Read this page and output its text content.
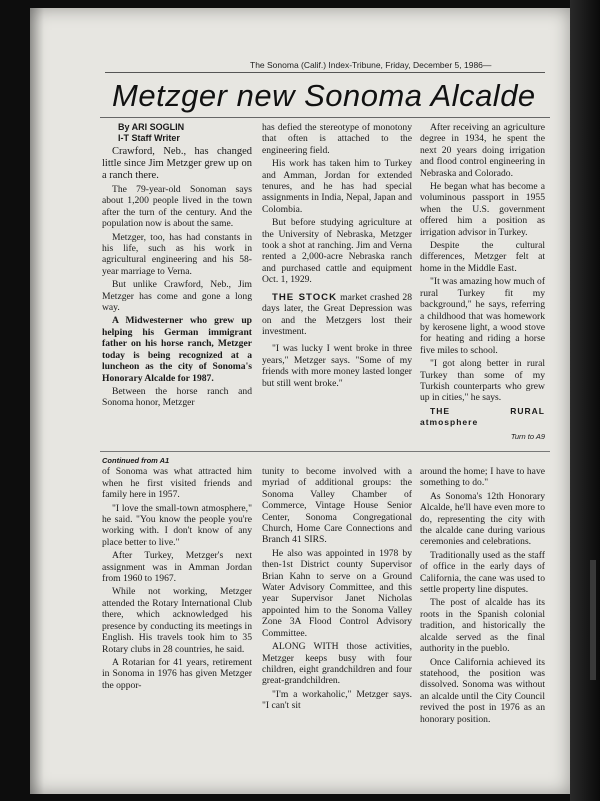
The Sonoma (Calif.) Index-Tribune, Friday, December 5, 1986—
Metzger new Sonoma Alcalde
By ARI SOGLIN
I-T Staff Writer

Crawford, Neb., has changed little since Jim Metzger grew up on a ranch there.

The 79-year-old Sonoman says about 1,200 people lived in the town after the turn of the century. And the population now is about the same.

Metzger, too, has had constants in his life, such as his work in agricultural engineering and his 58-year marriage to Verna.

But unlike Crawford, Neb., Jim Metzger has come and gone a long way.

A Midwesterner who grew up helping his German immigrant father on his horse ranch, Metzger today is being recognized at a luncheon as the city of Sonoma's Honorary Alcalde for 1987.

Between the horse ranch and Sonoma honor, Metzger

has defied the stereotype of monotony that often is attached to the engineering field.

His work has taken him to Turkey and Amman, Jordan for extended tenures, and he has had special assignments in India, Nepal, Japan and Colombia.

But before studying agriculture at the University of Nebraska, Metzger took a shot at ranching. Jim and Verna rented a 2,000-acre Nebraska ranch and purchased cattle and equipment Oct. 1, 1929.

THE STOCK market crashed 28 days later, the Great Depression was on and the Metzgers lost their investment.

"I was lucky I went broke in three years," Metzger says. "Some of my friends with more money lasted longer but still went broke."

After receiving an agriculture degree in 1934, he spent the next 20 years doing irrigation and flood control engineering in Nebraska and Colorado.

He began what has become a voluminous passport in 1955 when the U.S. government offered him a position as irrigation advisor in Turkey.

Despite the cultural differences, Metzger felt at home in the Middle East.

"It was amazing how much of rural Turkey fit my background," he says, referring a childhood that was homework by kerosene light, a wood stove for heating and riding a horse five miles to school.

"I got along better in rural Turkey than some of my Turkish counterparts who grew up in cities," he says.

THE RURAL atmosphere

Turn to A9
Continued from A1

of Sonoma was what attracted him when he first visited friends and family here in 1957.

"I love the small-town atmosphere," he said. "You know the people you're working with. I don't know of any place better to live."

After Turkey, Metzger's next assignment was in Amman Jordan from 1960 to 1967.

While not working, Metzger attended the Rotary International Club there, which acknowledged his presence by conducting its meetings in English. His travels took him to 35 Rotary clubs in 28 countries, he said.

A Rotarian for 41 years, retirement in Sonoma in 1976 has given Metzger the oppor-

tunity to become involved with a myriad of additional groups: the Sonoma Valley Chamber of Commerce, Vintage House Senior Center, Sonoma Congregational Church, Home Care Connections and Branch 41 SIRS.

He also was appointed in 1978 by then-1st District county Supervisor Brian Kahn to serve on a Ground Water Advisory Committee, and this year Supervisor Janet Nicholas appointed him to the Sonoma Valley Zone 3A Flood Control Advisory Committee.

ALONG WITH those activities, Metzger keeps busy with four children, eight grandchildren and four great-grandchildren.

"I'm a workaholic," Metzger says. "I can't sit

around the home; I have to have something to do."

As Sonoma's 12th Honorary Alcalde, he'll have even more to do, representing the city with the alcalde cane during various ceremonies and celebrations.

Traditionally used as the staff of office in the early days of California, the cane was used to settle property line disputes.

The post of alcalde has its roots in the Spanish colonial tradition, and historically the alcalde served as the final authority in the pueblo.

Once California achieved its statehood, the position was dissolved. Sonoma was without an alcalde until the City Council revived the post in 1976 as an honorary position.
